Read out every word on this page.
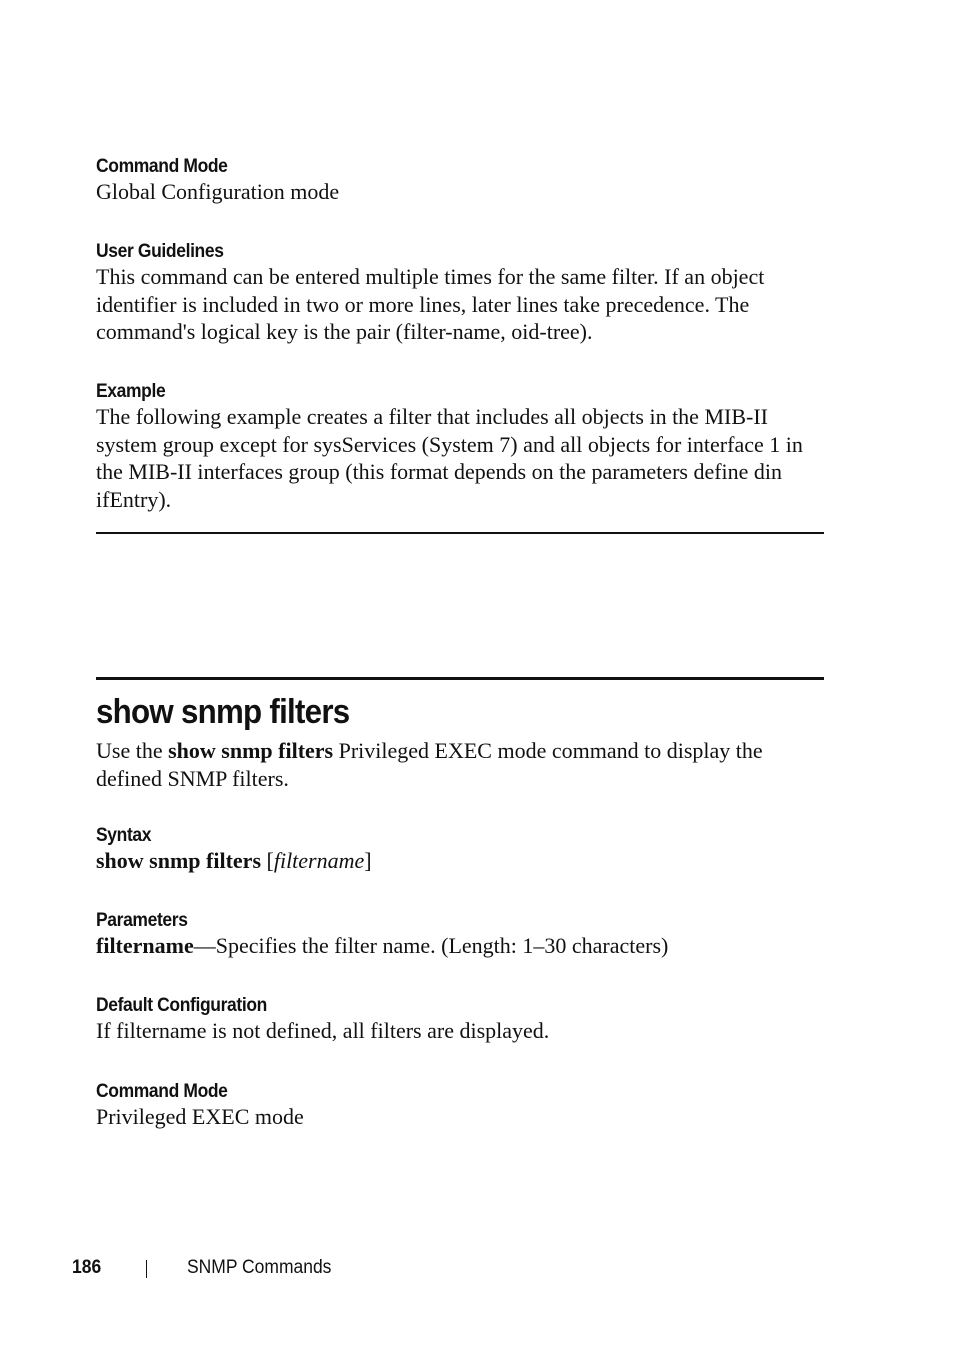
Command Mode

Global Configuration mode

User Guidelines

This command can be entered multiple times for the same filter. If an object identifier is included in two or more lines, later lines take precedence. The command's logical key is the pair (filter-name, oid-tree).

Example

The following example creates a filter that includes all objects in the MIB-II system group except for sysServices (System 7) and all objects for interface 1 in the MIB-II interfaces group (this format depends on the parameters define din ifEntry).

show snmp filters

Use the show snmp filters Privileged EXEC mode command to display the defined SNMP filters.

Syntax

show snmp filters [filtername]

Parameters

filtername—Specifies the filter name. (Length: 1–30 characters)

Default Configuration

If filtername is not defined, all filters are displayed.

Command Mode

Privileged EXEC mode

186	SNMP Commands
